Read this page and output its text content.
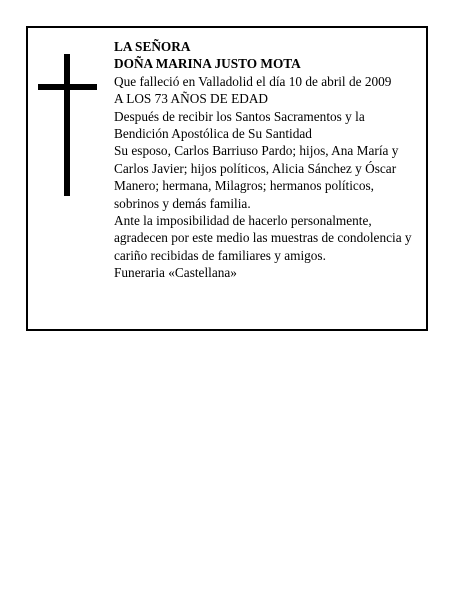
LA SEÑORA
DOÑA MARINA JUSTO MOTA
Que falleció en Valladolid el día 10 de abril de 2009
A LOS 73 AÑOS DE EDAD
Después de recibir los Santos Sacramentos y la
Bendición Apostólica de Su Santidad
Su esposo, Carlos Barriuso Pardo; hijos, Ana María y
Carlos Javier; hijos políticos, Alicia Sánchez y Óscar
Manero; hermana, Milagros; hermanos políticos,
sobrinos y demás familia.
Ante la imposibilidad de hacerlo personalmente,
agradecen por este medio las muestras de condolencia y
cariño recibidas de familiares y amigos.
Funeraria «Castellana»
